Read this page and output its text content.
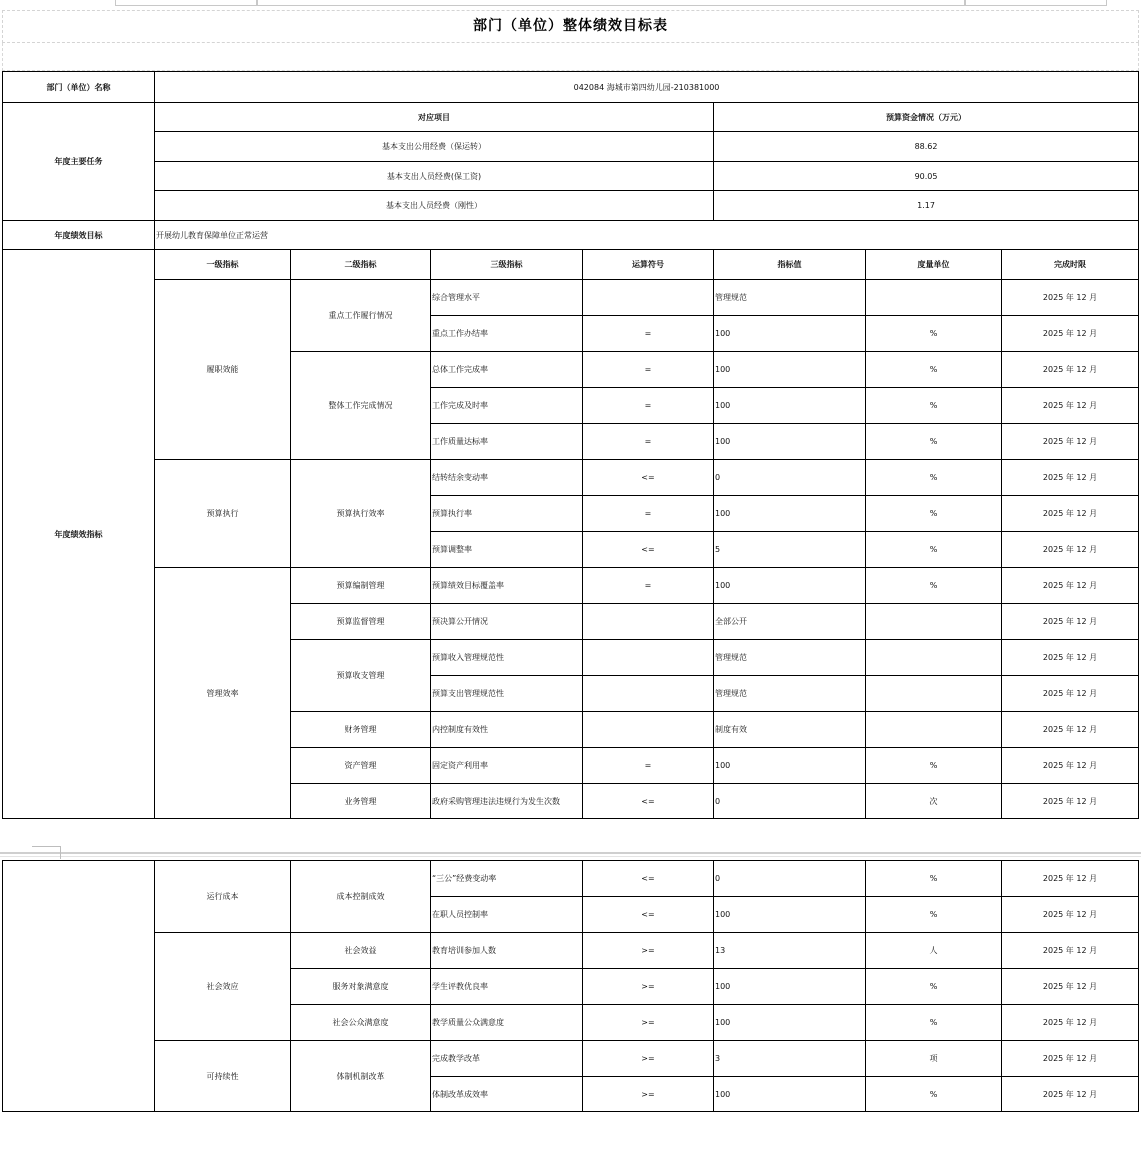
部门（单位）整体绩效目标表
部门（单位）名称	042084 海城市第四幼儿园-210381000						
年度主要任务	对应项目				预算资金情况（万元）		
	基本支出公用经费（保运转）				88.62		
	基本支出人员经费(保工资)				90.05		
	基本支出人员经费（刚性）				1.17		
年度绩效目标	开展幼儿教育保障单位正常运营						
年度绩效指标	一级指标	二级指标	三级指标	运算符号	指标值	度量单位	完成时限
	履职效能	重点工作履行情况	综合管理水平		管理规范		2025 年 12 月
			重点工作办结率	=	100	%	2025 年 12 月
		整体工作完成情况	总体工作完成率	=	100	%	2025 年 12 月
			工作完成及时率	=	100	%	2025 年 12 月
			工作质量达标率	=	100	%	2025 年 12 月
	预算执行	预算执行效率	结转结余变动率	<=	0	%	2025 年 12 月
			预算执行率	=	100	%	2025 年 12 月
			预算调整率	<=	5	%	2025 年 12 月
	管理效率	预算编制管理	预算绩效目标覆盖率	=	100	%	2025 年 12 月
		预算监督管理	预决算公开情况		全部公开		2025 年 12 月
		预算收支管理	预算收入管理规范性		管理规范		2025 年 12 月
			预算支出管理规范性		管理规范		2025 年 12 月
		财务管理	内控制度有效性		制度有效		2025 年 12 月
		资产管理	固定资产利用率	=	100	%	2025 年 12 月
		业务管理	政府采购管理违法违规行为发生次数	<=	0	次	2025 年 12 月
	运行成本	成本控制成效	“三公”经费变动率	<=	0	%	2025 年 12 月
			在职人员控制率	<=	100	%	2025 年 12 月
	社会效应	社会效益	教育培训参加人数	>=	13	人	2025 年 12 月
		服务对象满意度	学生评教优良率	>=	100	%	2025 年 12 月
		社会公众满意度	教学质量公众满意度	>=	100	%	2025 年 12 月
	可持续性	体制机制改革	完成教学改革	>=	3	项	2025 年 12 月
			体制改革成效率	>=	100	%	2025 年 12 月
